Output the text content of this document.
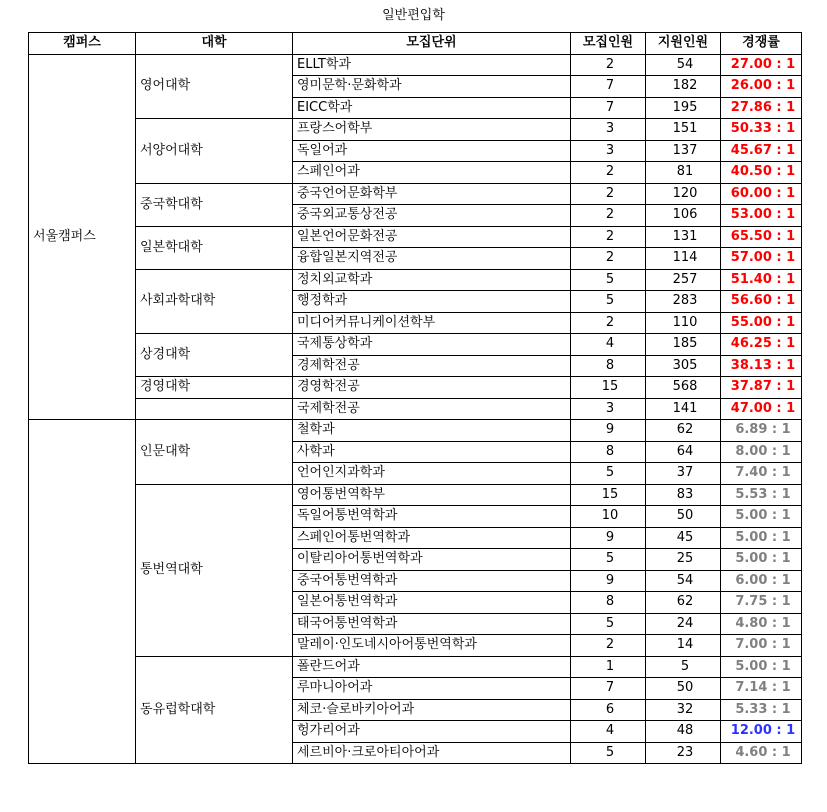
일반편입학
캠퍼스	대학	모집단위	모집인원	지원인원	경쟁률
서울캠퍼스	영어대학	ELLT학과	2	54	27.00 : 1
		영미문학·문화학과	7	182	26.00 : 1
		EICC학과	7	195	27.86 : 1
	서양어대학	프랑스어학부	3	151	50.33 : 1
		독일어과	3	137	45.67 : 1
		스페인어과	2	81	40.50 : 1
	중국학대학	중국언어문화학부	2	120	60.00 : 1
		중국외교통상전공	2	106	53.00 : 1
	일본학대학	일본언어문화전공	2	131	65.50 : 1
		융합일본지역전공	2	114	57.00 : 1
	사회과학대학	정치외교학과	5	257	51.40 : 1
		행정학과	5	283	56.60 : 1
		미디어커뮤니케이션학부	2	110	55.00 : 1
	상경대학	국제통상학과	4	185	46.25 : 1
		경제학전공	8	305	38.13 : 1
	경영대학	경영학전공	15	568	37.87 : 1
		국제학전공	3	141	47.00 : 1
	인문대학	철학과	9	62	6.89 : 1
		사학과	8	64	8.00 : 1
		언어인지과학과	5	37	7.40 : 1
	통번역대학	영어통번역학부	15	83	5.53 : 1
		독일어통번역학과	10	50	5.00 : 1
		스페인어통번역학과	9	45	5.00 : 1
		이탈리아어통번역학과	5	25	5.00 : 1
		중국어통번역학과	9	54	6.00 : 1
		일본어통번역학과	8	62	7.75 : 1
		태국어통번역학과	5	24	4.80 : 1
		말레이·인도네시아어통번역학과	2	14	7.00 : 1
	동유럽학대학	폴란드어과	1	5	5.00 : 1
		루마니아어과	7	50	7.14 : 1
		체코·슬로바키아어과	6	32	5.33 : 1
		헝가리어과	4	48	12.00 : 1
		세르비아·크로아티아어과	5	23	4.60 : 1
